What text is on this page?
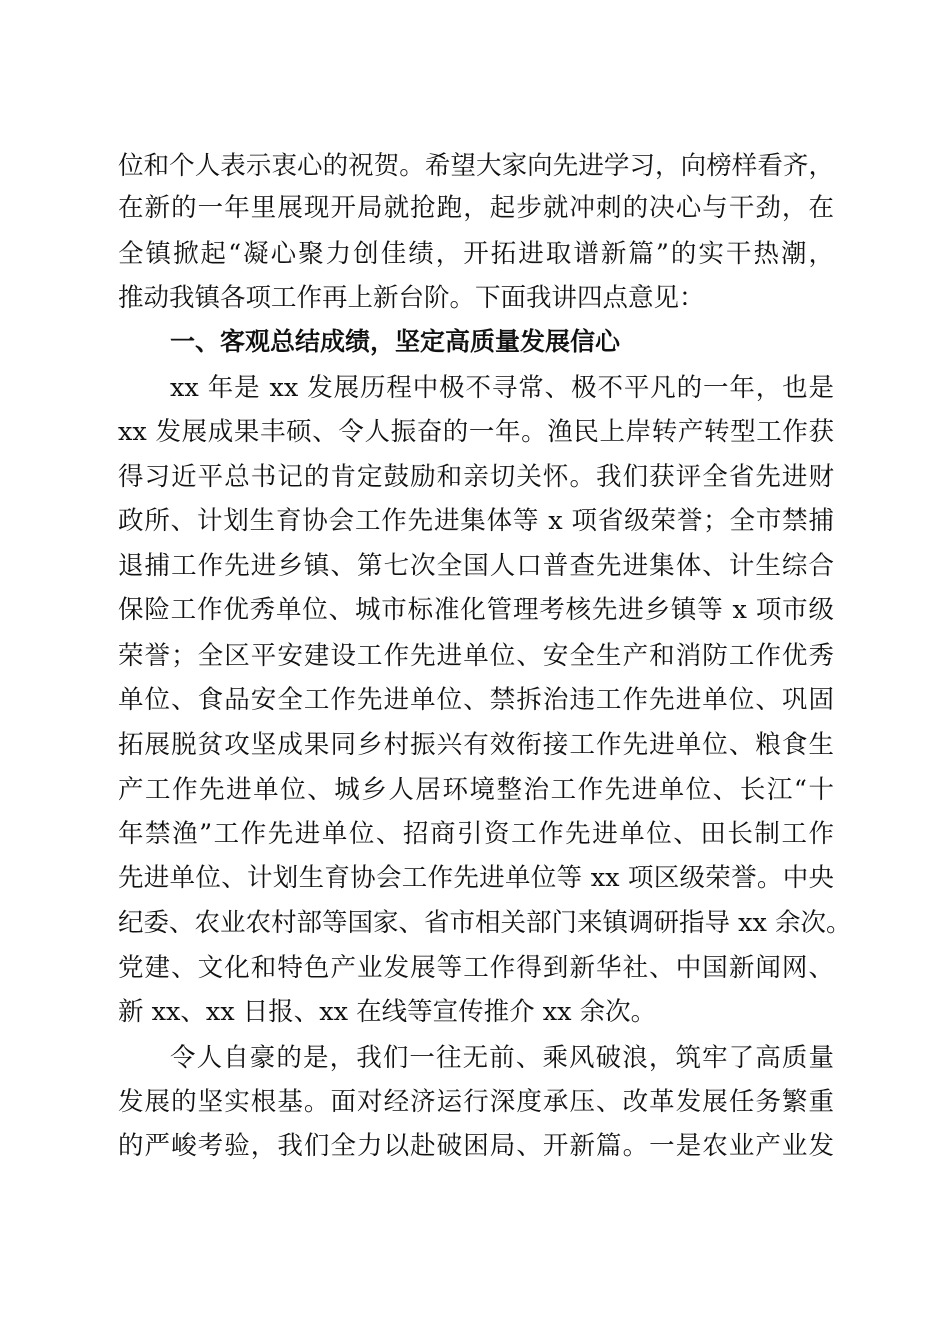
位和个人表示衷心的祝贺。希望大家向先进学习，向榜样看齐，
在新的一年里展现开局就抢跑，起步就冲刺的决心与干劲，在
全镇掀起“凝心聚力创佳绩，开拓进取谱新篇”的实干热潮，
推动我镇各项工作再上新台阶。下面我讲四点意见：
一、客观总结成绩，坚定高质量发展信心
xx 年是 xx 发展历程中极不寻常、极不平凡的一年，也是
xx 发展成果丰硕、令人振奋的一年。渔民上岸转产转型工作获
得习近平总书记的肯定鼓励和亲切关怀。我们获评全省先进财
政所、计划生育协会工作先进集体等 x 项省级荣誉；全市禁捕
退捕工作先进乡镇、第七次全国人口普查先进集体、计生综合
保险工作优秀单位、城市标准化管理考核先进乡镇等 x 项市级
荣誉；全区平安建设工作先进单位、安全生产和消防工作优秀
单位、食品安全工作先进单位、禁拆治违工作先进单位、巩固
拓展脱贫攻坚成果同乡村振兴有效衔接工作先进单位、粮食生
产工作先进单位、城乡人居环境整治工作先进单位、长江“十
年禁渔”工作先进单位、招商引资工作先进单位、田长制工作
先进单位、计划生育协会工作先进单位等 xx 项区级荣誉。中央
纪委、农业农村部等国家、省市相关部门来镇调研指导 xx 余次。
党建、文化和特色产业发展等工作得到新华社、中国新闻网、
新 xx、xx 日报、xx 在线等宣传推介 xx 余次。
令人自豪的是，我们一往无前、乘风破浪，筑牢了高质量
发展的坚实根基。面对经济运行深度承压、改革发展任务繁重
的严峻考验，我们全力以赴破困局、开新篇。一是农业产业发
